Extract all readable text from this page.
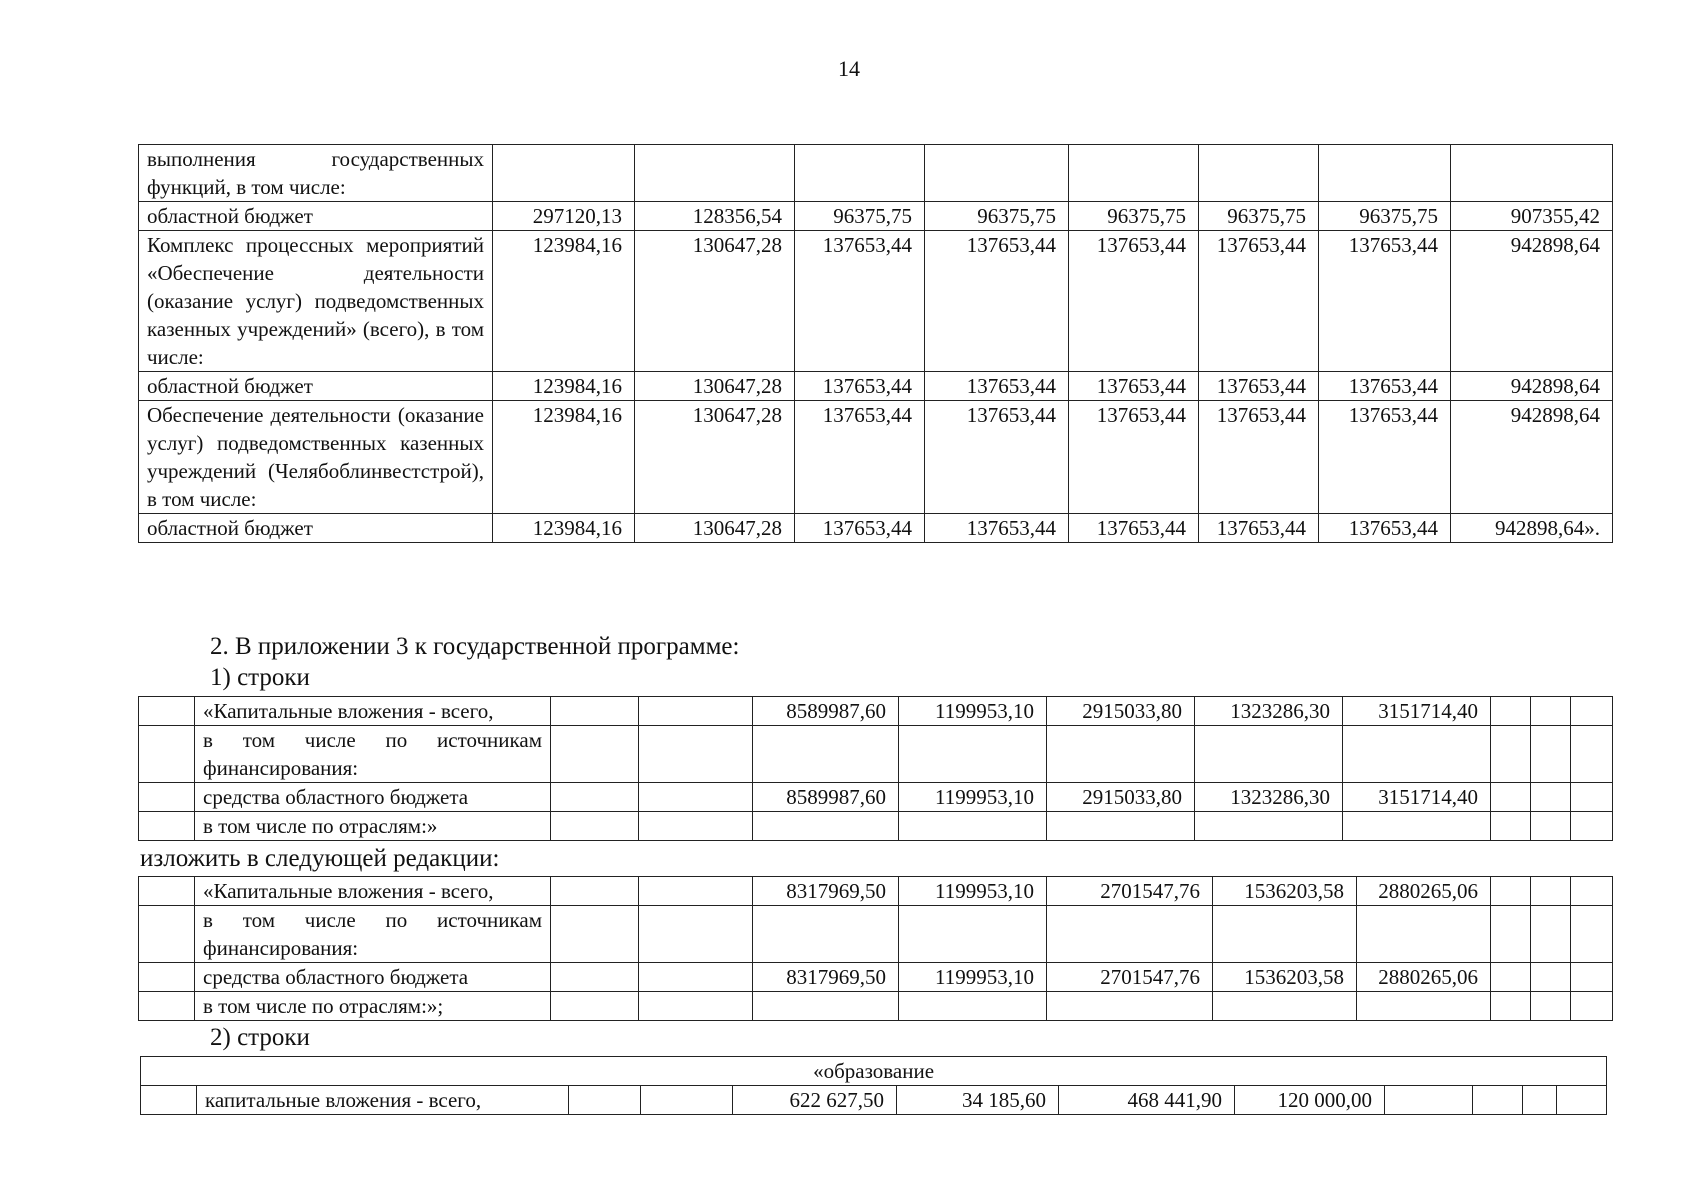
14
выполнения государственных функций, в том числе:								
областной бюджет	297120,13	128356,54	96375,75	96375,75	96375,75	96375,75	96375,75	907355,42
Комплекс процессных мероприятий «Обеспечение деятельности (оказание услуг) подведомственных казенных учреждений» (всего), в том числе:	123984,16	130647,28	137653,44	137653,44	137653,44	137653,44	137653,44	942898,64
областной бюджет	123984,16	130647,28	137653,44	137653,44	137653,44	137653,44	137653,44	942898,64
Обеспечение деятельности (оказание услуг) подведомственных казенных учреждений (Челябоблинвестстрой), в том числе:	123984,16	130647,28	137653,44	137653,44	137653,44	137653,44	137653,44	942898,64
областной бюджет	123984,16	130647,28	137653,44	137653,44	137653,44	137653,44	137653,44	942898,64».
2. В приложении 3 к государственной программе:
1) строки
	«Капитальные вложения - всего,			8589987,60	1199953,10	2915033,80	1323286,30	3151714,40			
	в том числе по источникам финансирования:										
	средства областного бюджета			8589987,60	1199953,10	2915033,80	1323286,30	3151714,40			
	в том числе по отраслям:»										
изложить в следующей редакции:
	«Капитальные вложения - всего,			8317969,50	1199953,10	2701547,76	1536203,58	2880265,06			
	в том числе по источникам финансирования:										
	средства областного бюджета			8317969,50	1199953,10	2701547,76	1536203,58	2880265,06			
	в том числе по отраслям:»;										
2) строки
«образование
	капитальные вложения - всего,			622 627,50	34 185,60	468 441,90	120 000,00				
